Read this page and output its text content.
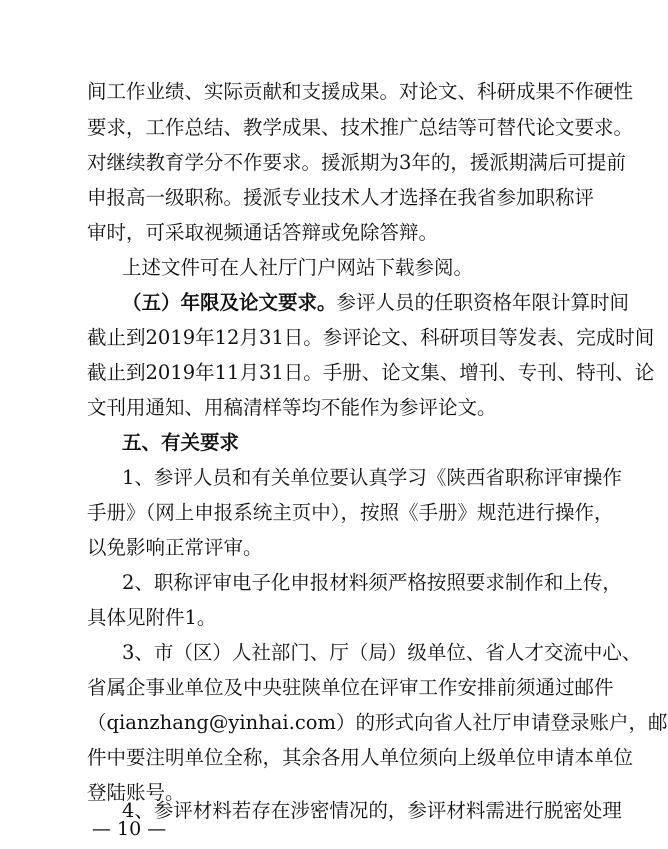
间工作业绩、实际贡献和支援成果。对论文、科研成果不作硬性
要求，工作总结、教学成果、技术推广总结等可替代论文要求。
对继续教育学分不作要求。援派期为3年的，援派期满后可提前
申报高一级职称。援派专业技术人才选择在我省参加职称评
审时，可采取视频通话答辩或免除答辩。
上述文件可在人社厅门户网站下载参阅。
（五）年限及论文要求。参评人员的任职资格年限计算时间
截止到2019年12月31日。参评论文、科研项目等发表、完成时间
截止到2019年11月31日。手册、论文集、增刊、专刊、特刊、论
文刊用通知、用稿清样等均不能作为参评论文。
五、有关要求
1、参评人员和有关单位要认真学习《陕西省职称评审操作
手册》（网上申报系统主页中），按照《手册》规范进行操作，
以免影响正常评审。
2、职称评审电子化申报材料须严格按照要求制作和上传，
具体见附件1。
3、市（区）人社部门、厅（局）级单位、省人才交流中心、
省属企事业单位及中央驻陕单位在评审工作安排前须通过邮件
（qianzhang@yinhai.com）的形式向省人社厅申请登录账户，邮
件中要注明单位全称，其余各用人单位须向上级单位申请本单位
登陆账号。
4、参评材料若存在涉密情况的，参评材料需进行脱密处理
— 10 —
